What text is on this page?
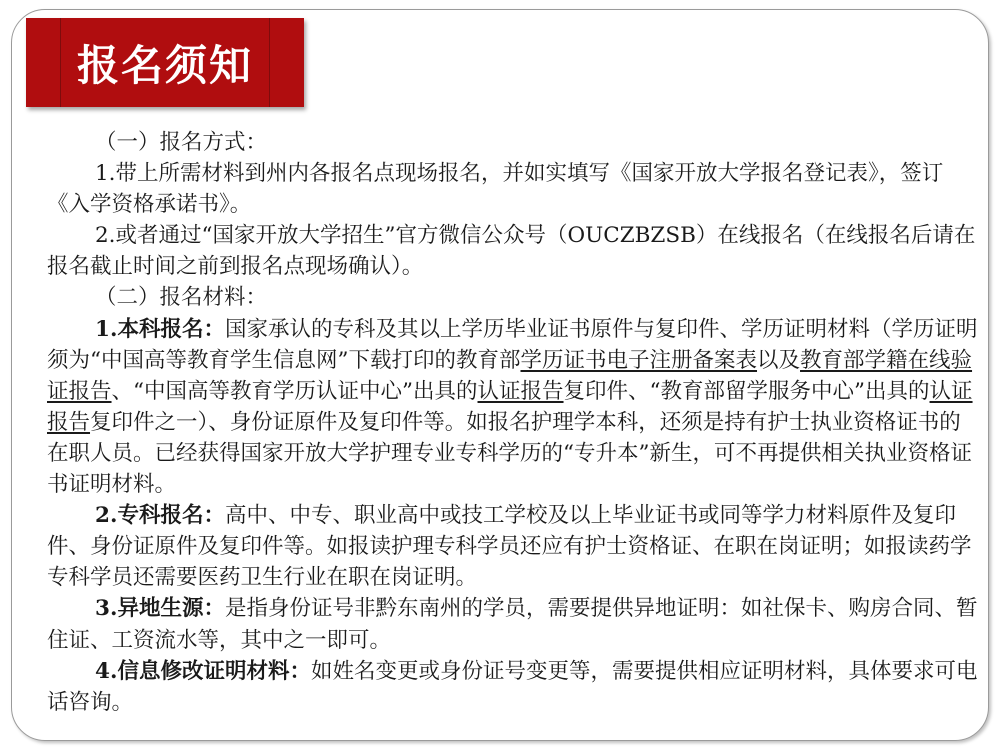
报名须知

（一）报名方式：

1.带上所需材料到州内各报名点现场报名，并如实填写《国家开放大学报名登记表》，签订《入学资格承诺书》。

2.或者通过“国家开放大学招生”官方微信公众号（OUCZBZSB）在线报名（在线报名后请在报名截止时间之前到报名点现场确认）。

（二）报名材料：

1.本科报名：国家承认的专科及其以上学历毕业证书原件与复印件、学历证明材料（学历证明须为“中国高等教育学生信息网”下载打印的教育部学历证书电子注册备案表以及教育部学籍在线验证报告、“中国高等教育学历认证中心”出具的认证报告复印件、“教育部留学服务中心”出具的认证报告复印件之一）、身份证原件及复印件等。如报名护理学本科，还须是持有护士执业资格证书的在职人员。已经获得国家开放大学护理专业专科学历的“专升本”新生，可不再提供相关执业资格证书证明材料。

2.专科报名：高中、中专、职业高中或技工学校及以上毕业证书或同等学力材料原件及复印件、身份证原件及复印件等。如报读护理专科学员还应有护士资格证、在职在岗证明；如报读药学专科学员还需要医药卫生行业在职在岗证明。

3.异地生源：是指身份证号非黔东南州的学员，需要提供异地证明：如社保卡、购房合同、暂住证、工资流水等，其中之一即可。

4.信息修改证明材料：如姓名变更或身份证号变更等，需要提供相应证明材料，具体要求可电话咨询。
